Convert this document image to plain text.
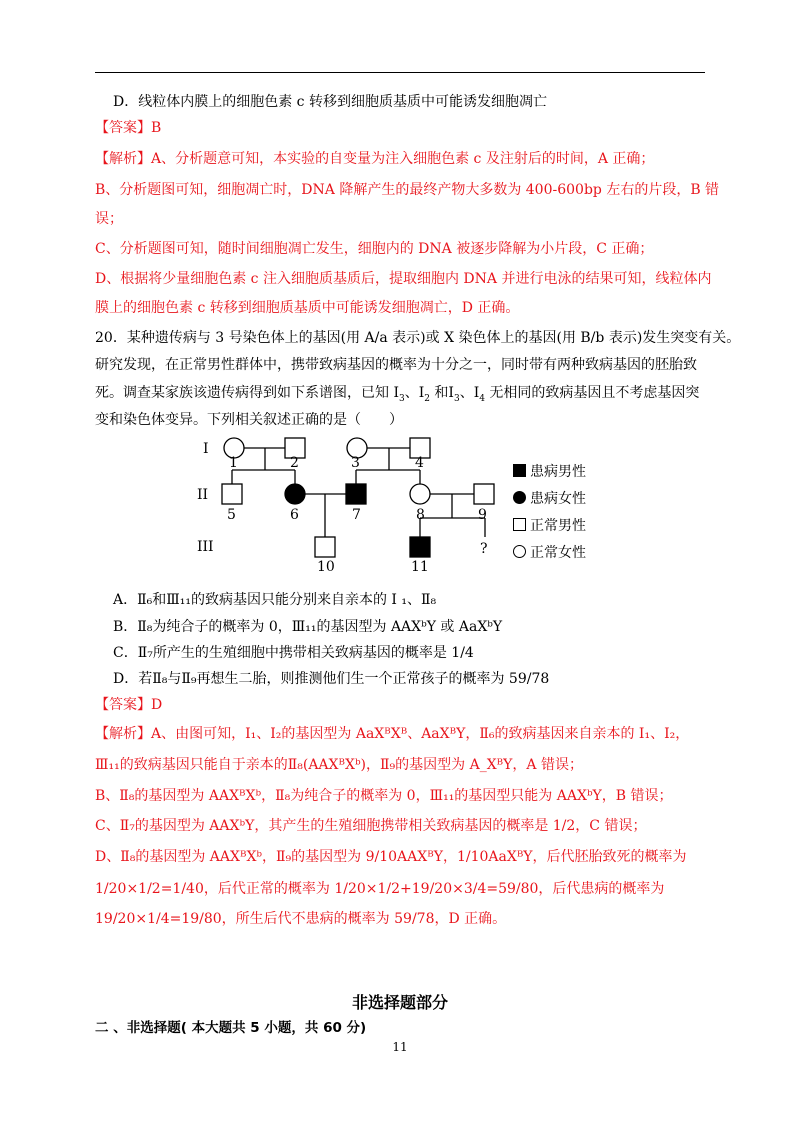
D．线粒体内膜上的细胞色素 c 转移到细胞质基质中可能诱发细胞凋亡
【答案】B
【解析】A、分析题意可知，本实验的自变量为注入细胞色素 c 及注射后的时间，A 正确；
B、分析题图可知，细胞凋亡时，DNA 降解产生的最终产物大多数为 400-600bp 左右的片段，B 错
误；
C、分析题图可知，随时间细胞凋亡发生，细胞内的 DNA 被逐步降解为小片段，C 正确；
D、根据将少量细胞色素 c 注入细胞质基质后，提取细胞内 DNA 并进行电泳的结果可知，线粒体内
膜上的细胞色素 c 转移到细胞质基质中可能诱发细胞凋亡，D 正确。
20．某种遗传病与 3 号染色体上的基因(用 A/a 表示)或 X 染色体上的基因(用 B/b 表示)发生突变有关。
研究发现，在正常男性群体中，携带致病基因的概率为十分之一，同时带有两种致病基因的胚胎致
死。调查某家族该遗传病得到如下系谱图，已知 $Ⅰ_3$、$I_2$ 和$I_3$、$I_4$ 无相同的致病基因且不考虑基因突
变和染色体变异。下列相关叙述正确的是（　　）
I
II
III
1	2	3	4
5	6	7	8	9
10	11
?
患病男性
患病女性
正常男性
正常女性
A．Ⅱ₆和Ⅲ₁₁的致病基因只能分别来自亲本的 Ⅰ ₁、Ⅱ₈
B．Ⅱ₈为纯合子的概率为 0，Ⅲ₁₁的基因型为 AAXᵇY 或 AaXᵇY
C．Ⅱ₇所产生的生殖细胞中携带相关致病基因的概率是 1/4
D．若Ⅱ₈与Ⅱ₉再想生二胎，则推测他们生一个正常孩子的概率为 59/78
【答案】D
【解析】A、由图可知，I₁、I₂的基因型为 AaXᴮXᴮ、AaXᴮY，Ⅱ₆的致病基因来自亲本的 I₁、I₂，
Ⅲ₁₁的致病基因只能自于亲本的Ⅱ₈(AAXᴮXᵇ)，Ⅱ₉的基因型为 A_XᴮY，A 错误；
B、Ⅱ₈的基因型为 AAXᴮXᵇ，Ⅱ₈为纯合子的概率为 0，Ⅲ₁₁的基因型只能为 AAXᵇY，B 错误；
C、Ⅱ₇的基因型为 AAXᵇY，其产生的生殖细胞携带相关致病基因的概率是 1/2，C 错误；
D、Ⅱ₈的基因型为 AAXᴮXᵇ，Ⅱ₉的基因型为 9/10AAXᴮY，1/10AaXᴮY，后代胚胎致死的概率为
1/20×1/2=1/40，后代正常的概率为 1/20×1/2+19/20×3/4=59/80，后代患病的概率为
19/20×1/4=19/80，所生后代不患病的概率为 59/78，D 正确。
非选择题部分
二 、非选择题( 本大题共 5 小题，共 60 分)
11
